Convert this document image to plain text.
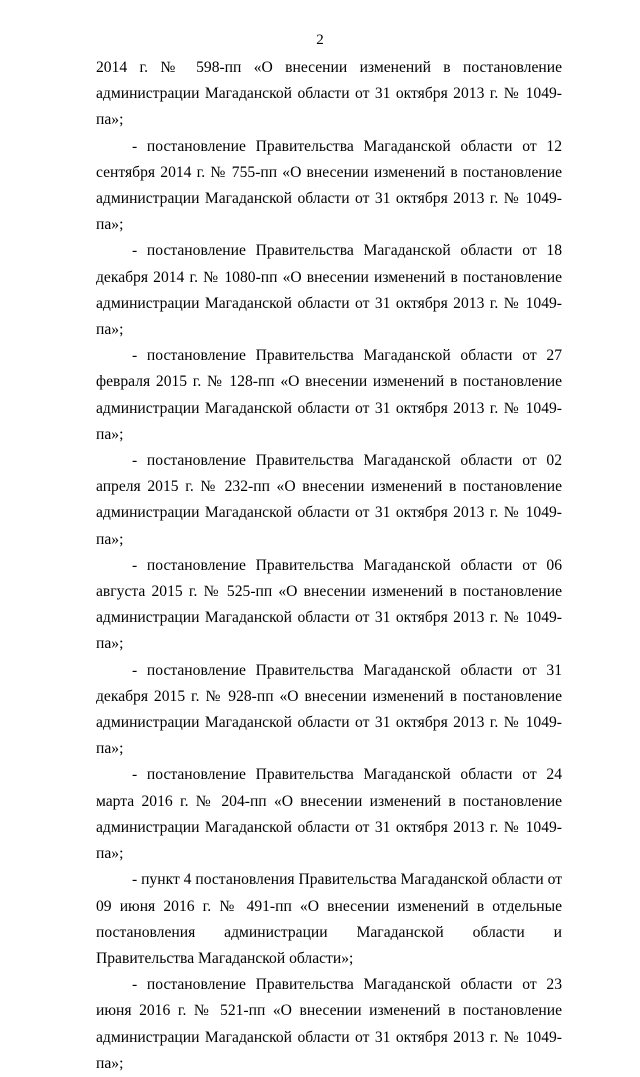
2

2014 г. № 598-пп «О внесении изменений в постановление администрации Магаданской области от 31 октября 2013 г. № 1049-па»;

- постановление Правительства Магаданской области от 12 сентября 2014 г. № 755-пп «О внесении изменений в постановление администрации Магаданской области от 31 октября 2013 г. № 1049-па»;

- постановление Правительства Магаданской области от 18 декабря 2014 г. № 1080-пп «О внесении изменений в постановление администрации Магаданской области от 31 октября 2013 г. № 1049-па»;

- постановление Правительства Магаданской области от 27 февраля 2015 г. № 128-пп «О внесении изменений в постановление администрации Магаданской области от 31 октября 2013 г. № 1049-па»;

- постановление Правительства Магаданской области от 02 апреля 2015 г. № 232-пп «О внесении изменений в постановление администрации Магаданской области от 31 октября 2013 г. № 1049-па»;

- постановление Правительства Магаданской области от 06 августа 2015 г. № 525-пп «О внесении изменений в постановление администрации Магаданской области от 31 октября 2013 г. № 1049-па»;

- постановление Правительства Магаданской области от 31 декабря 2015 г. № 928-пп «О внесении изменений в постановление администрации Магаданской области от 31 октября 2013 г. № 1049-па»;

- постановление Правительства Магаданской области от 24 марта 2016 г. № 204-пп «О внесении изменений в постановление администрации Магаданской области от 31 октября 2013 г. № 1049-па»;

- пункт 4 постановления Правительства Магаданской области от 09 июня 2016 г. № 491-пп «О внесении изменений в отдельные постановления администрации Магаданской области и Правительства Магаданской области»;

- постановление Правительства Магаданской области от 23 июня 2016 г. № 521-пп «О внесении изменений в постановление администрации Магаданской области от 31 октября 2013 г. № 1049-па»;
